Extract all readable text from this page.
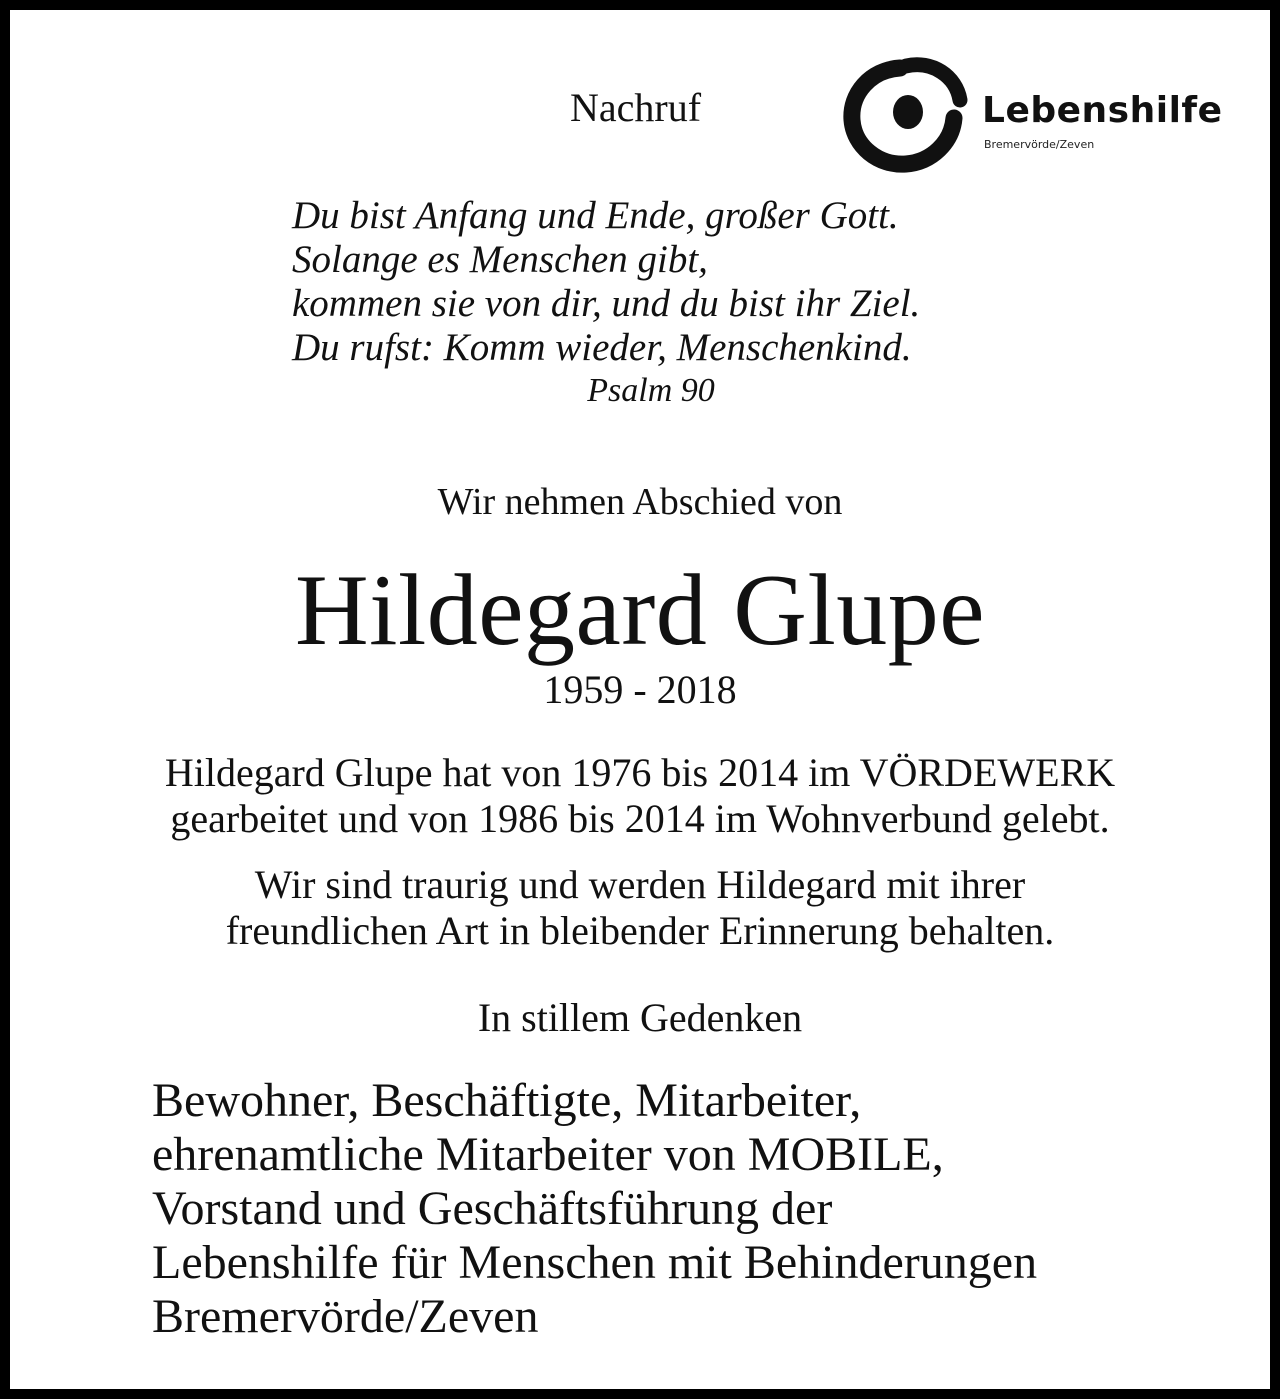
Nachruf	Lebenshilfe
Bremervörde/Zeven
Du bist Anfang und Ende, großer Gott.
Solange es Menschen gibt,
kommen sie von dir, und du bist ihr Ziel.
Du rufst: Komm wieder, Menschenkind.
Psalm 90
Wir nehmen Abschied von
Hildegard Glupe
1959 - 2018
Hildegard Glupe hat von 1976 bis 2014 im VÖRDEWERK
gearbeitet und von 1986 bis 2014 im Wohnverbund gelebt.
Wir sind traurig und werden Hildegard mit ihrer
freundlichen Art in bleibender Erinnerung behalten.
In stillem Gedenken
Bewohner, Beschäftigte, Mitarbeiter,
ehrenamtliche Mitarbeiter von MOBILE,
Vorstand und Geschäftsführung der
Lebenshilfe für Menschen mit Behinderungen
Bremervörde/Zeven
